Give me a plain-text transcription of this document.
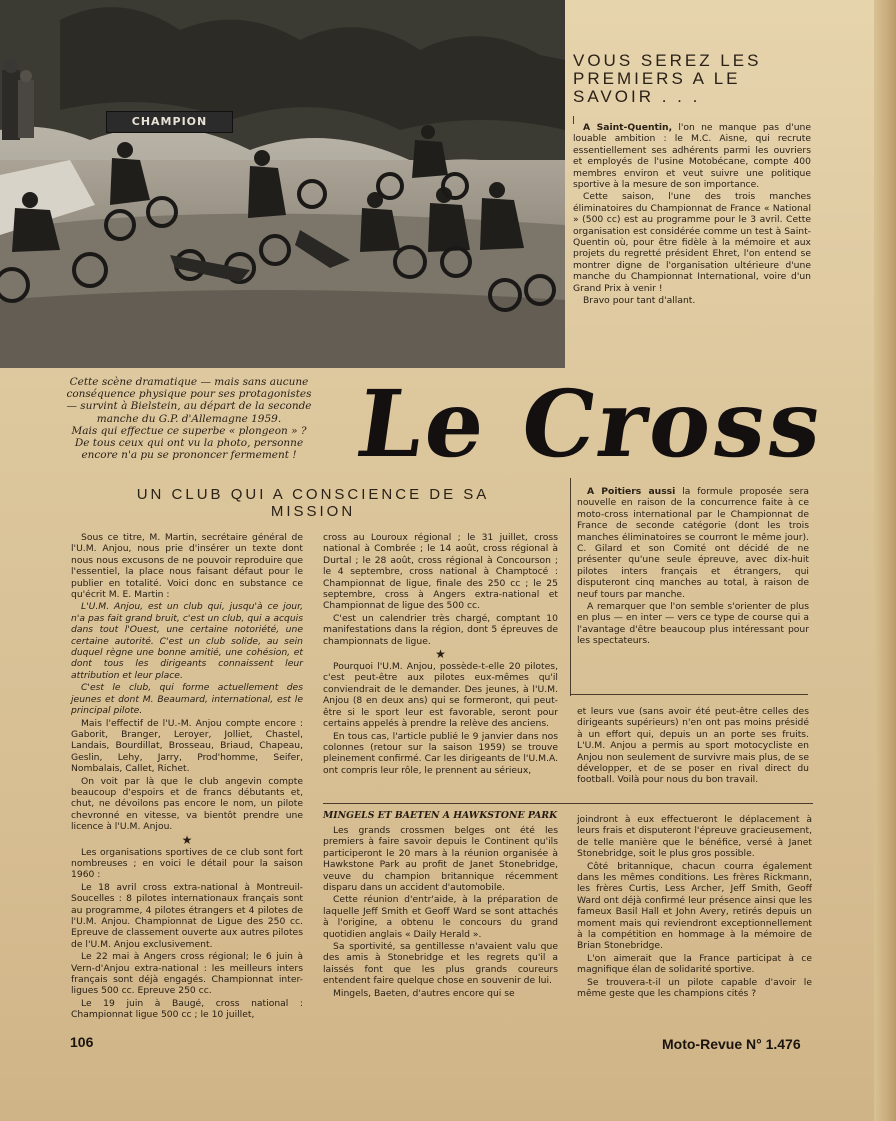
CHAMPION

VOUS SEREZ LES

PREMIERS A LE

SAVOIR . . .

A Saint-Quentin, l'on ne manque pas d'une louable ambition : le M.C. Aisne, qui recrute essentiellement ses adhérents parmi les ouvriers et employés de l'usine Motobécane, compte 400 membres environ et veut suivre une politique sportive à la mesure de son importance.

Cette saison, l'une des trois manches éliminatoires du Championnat de France « National » (500 cc) est au programme pour le 3 avril. Cette organisation est considérée comme un test à Saint-Quentin où, pour être fidèle à la mémoire et aux projets du regretté président Ehret, l'on entend se montrer digne de l'organisation ultérieure d'une manche du Championnat International, voire d'un Grand Prix à venir !

Bravo pour tant d'allant.

Cette scène dramatique — mais sans aucune conséquence physique pour ses protagonistes — survint à Bielstein, au départ de la seconde manche du G.P. d'Allemagne 1959.

Mais qui effectue ce superbe « plongeon » ? De tous ceux qui ont vu la photo, personne encore n'a pu se prononcer fermement ! Le Cross
UN CLUB QUI A CONSCIENCE DE SA MISSION

Sous ce titre, M. Martin, secrétaire général de l'U.M. Anjou, nous prie d'insérer un texte dont nous nous excusons de ne pouvoir reproduire que l'essentiel, la place nous faisant défaut pour le publier en totalité. Voici donc en substance ce qu'écrit M. E. Martin :

L'U.M. Anjou, est un club qui, jusqu'à ce jour, n'a pas fait grand bruit, c'est un club, qui a acquis dans tout l'Ouest, une certaine notoriété, une certaine autorité. C'est un club solide, au sein duquel règne une bonne amitié, une cohésion, et dont tous les dirigeants connaissent leur attribution et leur place.

C'est le club, qui forme actuellement des jeunes et dont M. Beaumard, international, est le principal pilote.

Mais l'effectif de l'U.-M. Anjou compte encore : Gaborit, Branger, Leroyer, Jolliet, Chastel, Landais, Bourdillat, Brosseau, Briaud, Chapeau, Geslin, Lehy, Jarry, Prod'homme, Seifer, Nombalais, Callet, Richet.

On voit par là que le club angevin compte beaucoup d'espoirs et de francs débutants et, chut, ne dévoilons pas encore le nom, un pilote chevronné en vitesse, va bientôt prendre une licence à l'U.M. Anjou.

★

Les organisations sportives de ce club sont fort nombreuses ; en voici le détail pour la saison 1960 :

Le 18 avril cross extra-national à Montreuil-Soucelles : 8 pilotes internationaux français sont au programme, 4 pilotes étrangers et 4 pilotes de l'U.M. Anjou. Championnat de Ligue des 250 cc. Epreuve de classement ouverte aux autres pilotes de l'U.M. Anjou exclusivement.

Le 22 mai à Angers cross régional; le 6 juin à Vern-d'Anjou extra-national : les meilleurs inters français sont déjà engagés. Championnat inter-ligues 500 cc. Epreuve 250 cc.

Le 19 juin à Baugé, cross national : Championnat ligue 500 cc ; le 10 juillet,

cross au Louroux régional ; le 31 juillet, cross national à Combrée ; le 14 août, cross régional à Durtal ; le 28 août, cross régional à Concourson ; le 4 septembre, cross national à Champtocé : Championnat de ligue, finale des 250 cc ; le 25 septembre, cross à Angers extra-national et Championnat de ligue des 500 cc.

C'est un calendrier très chargé, comptant 10 manifestations dans la région, dont 5 épreuves de championnats de ligue.

★

Pourquoi l'U.M. Anjou, possède-t-elle 20 pilotes, c'est peut-être aux pilotes eux-mêmes qu'il conviendrait de le demander. Des jeunes, à l'U.M. Anjou (8 en deux ans) qui se formeront, qui peut-être si le sport leur est favorable, seront pour certains appelés à prendre la relève des anciens.

En tous cas, l'article publié le 9 janvier dans nos colonnes (retour sur la saison 1959) se trouve pleinement confirmé. Car les dirigeants de l'U.M.A. ont compris leur rôle, le prennent au sérieux,

A Poitiers aussi la formule proposée sera nouvelle en raison de la concurrence faite à ce moto-cross international par le Championnat de France de seconde catégorie (dont les trois manches éliminatoires se courront le même jour). C. Gilard et son Comité ont décidé de ne présenter qu'une seule épreuve, avec dix-huit pilotes inters français et étrangers, qui disputeront cinq manches au total, à raison de neuf tours par manche.

A remarquer que l'on semble s'orienter de plus en plus — en inter — vers ce type de course qui a l'avantage d'être beaucoup plus intéressant pour les spectateurs.

et leurs vue (sans avoir été peut-être celles des dirigeants supérieurs) n'en ont pas moins présidé à un effort qui, depuis un an porte ses fruits. L'U.M. Anjou a permis au sport motocycliste en Anjou non seulement de survivre mais plus, de se développer, et de se poser en rival direct du football. Voilà pour nous du bon travail.

MINGELS ET BAETEN A HAWKSTONE PARK

Les grands crossmen belges ont été les premiers à faire savoir depuis le Continent qu'ils participeront le 20 mars à la réunion organisée à Hawkstone Park au profit de Janet Stonebridge, veuve du champion britannique récemment disparu dans un accident d'automobile.

Cette réunion d'entr'aide, à la préparation de laquelle Jeff Smith et Geoff Ward se sont attachés à l'origine, a obtenu le concours du grand quotidien anglais « Daily Herald ».

Sa sportivité, sa gentillesse n'avaient valu que des amis à Stonebridge et les regrets qu'il a laissés font que les plus grands coureurs entendent faire quelque chose en souvenir de lui.

Mingels, Baeten, d'autres encore qui se

joindront à eux effectueront le déplacement à leurs frais et disputeront l'épreuve gracieusement, de telle manière que le bénéfice, versé à Janet Stonebridge, soit le plus gros possible.

Côté britannique, chacun courra également dans les mêmes conditions. Les frères Rickmann, les frères Curtis, Less Archer, Jeff Smith, Geoff Ward ont déjà confirmé leur présence ainsi que les fameux Basil Hall et John Avery, retirés depuis un moment mais qui reviendront exceptionnellement à la compétition en hommage à la mémoire de Brian Stonebridge.

L'on aimerait que la France participat à ce magnifique élan de solidarité sportive.

Se trouvera-t-il un pilote capable d'avoir le même geste que les champions cités ?

106	Moto-Revue N° 1.476
